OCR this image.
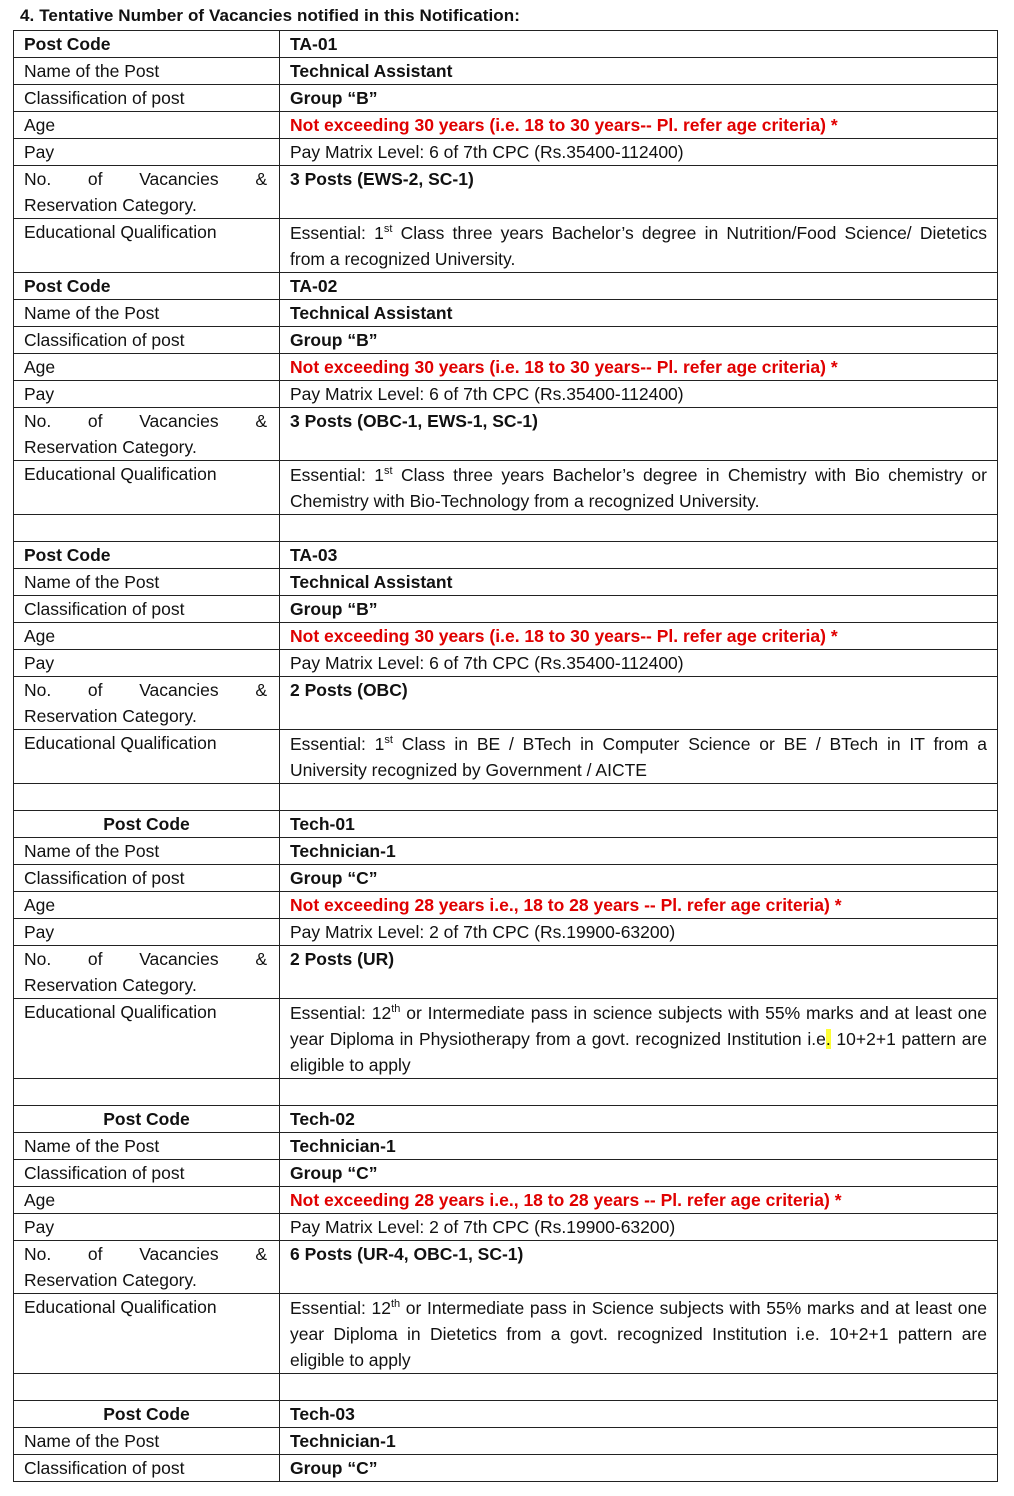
4. Tentative Number of Vacancies notified in this Notification:
Post Code	TA-01
Name of the Post	Technical Assistant
Classification of post	Group “B”
Age	Not exceeding 30 years (i.e. 18 to 30 years-- Pl. refer age criteria) *
Pay	Pay Matrix Level: 6 of 7th CPC (Rs.35400-112400)

No. of Vacancies &
Reservation Category.	3 Posts (EWS-2, SC-1)
Educational Qualification	Essential: 1st Class three years Bachelor’s degree in Nutrition/Food Science/ Dietetics from a recognized University.

Post Code	TA-02
Name of the Post	Technical Assistant
Classification of post	Group “B”
Age	Not exceeding 30 years (i.e. 18 to 30 years-- Pl. refer age criteria) *
Pay	Pay Matrix Level: 6 of 7th CPC (Rs.35400-112400)

No. of Vacancies &
Reservation Category.	3 Posts (OBC-1, EWS-1, SC-1)
Educational Qualification	Essential: 1st Class three years Bachelor’s degree in Chemistry with Bio chemistry or Chemistry with Bio-Technology from a recognized University.

Post Code	TA-03
Name of the Post	Technical Assistant
Classification of post	Group “B”
Age	Not exceeding 30 years (i.e. 18 to 30 years-- Pl. refer age criteria) *
Pay	Pay Matrix Level: 6 of 7th CPC (Rs.35400-112400)

No. of Vacancies &
Reservation Category.	2 Posts (OBC)
Educational Qualification	Essential: 1st Class in BE / BTech in Computer Science or BE / BTech in IT from a University recognized by Government / AICTE

Post Code	Tech-01
Name of the Post	Technician-1
Classification of post	Group “C”
Age	Not exceeding 28 years i.e., 18 to 28 years -- Pl. refer age criteria) *
Pay	Pay Matrix Level: 2 of 7th CPC (Rs.19900-63200)

No. of Vacancies &
Reservation Category.	2 Posts (UR)
Educational Qualification	Essential: 12th or Intermediate pass in science subjects with 55% marks and at least one year Diploma in Physiotherapy from a govt. recognized Institution i.e. 10+2+1 pattern are eligible to apply

Post Code	Tech-02
Name of the Post	Technician-1
Classification of post	Group “C”
Age	Not exceeding 28 years i.e., 18 to 28 years -- Pl. refer age criteria) *
Pay	Pay Matrix Level: 2 of 7th CPC (Rs.19900-63200)

No. of Vacancies &
Reservation Category.	6 Posts (UR-4, OBC-1, SC-1)
Educational Qualification	Essential: 12th or Intermediate pass in Science subjects with 55% marks and at least one year Diploma in Dietetics from a govt. recognized Institution i.e. 10+2+1 pattern are eligible to apply

Post Code	Tech-03
Name of the Post	Technician-1
Classification of post	Group “C”
